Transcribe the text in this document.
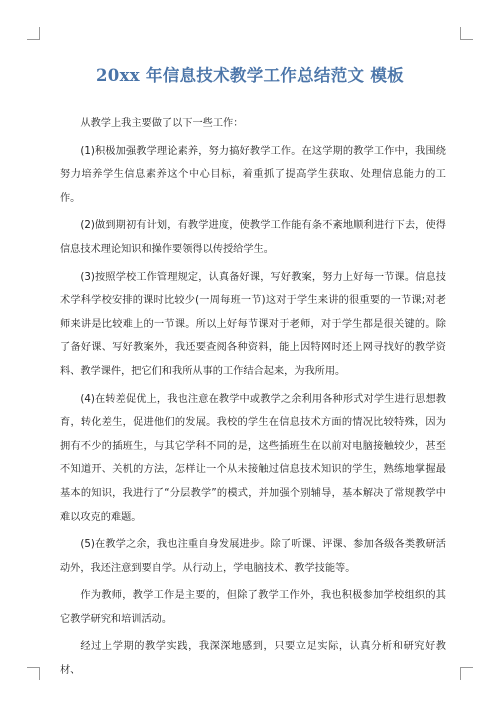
20xx 年信息技术教学工作总结范文 模板

从教学上我主要做了以下一些工作：

(1)积极加强教学理论素养，努力搞好教学工作。在这学期的教学工作中，我围绕努力培养学生信息素养这个中心目标，着重抓了提高学生获取、处理信息能力的工作。

(2)做到期初有计划，有教学进度，使教学工作能有条不紊地顺利进行下去，使得信息技术理论知识和操作要领得以传授给学生。

(3)按照学校工作管理规定，认真备好课，写好教案，努力上好每一节课。信息技术学科学校安排的课时比较少(一周每班一节)这对于学生来讲的很重要的一节课;对老师来讲是比较难上的一节课。所以上好每节课对于老师，对于学生都是很关键的。除了备好课、写好教案外，我还要查阅各种资料，能上因特网时还上网寻找好的教学资料、教学课件，把它们和我所从事的工作结合起来，为我所用。

(4)在转差促优上，我也注意在教学中或教学之余利用各种形式对学生进行思想教育，转化差生，促进他们的发展。我校的学生在信息技术方面的情况比较特殊，因为拥有不少的插班生，与其它学科不同的是，这些插班生在以前对电脑接触较少，甚至不知道开、关机的方法，怎样让一个从未接触过信息技术知识的学生，熟练地掌握最基本的知识，我进行了“分层教学”的模式，并加强个别辅导，基本解决了常规教学中难以攻克的难题。

(5)在教学之余，我也注重自身发展进步。除了听课、评课、参加各级各类教研活动外，我还注意到要自学。从行动上，学电脑技术、教学技能等。

作为教师，教学工作是主要的，但除了教学工作外，我也积极参加学校组织的其它教学研究和培训活动。

经过上学期的教学实践，我深深地感到，只要立足实际，认真分析和研究好教材、
